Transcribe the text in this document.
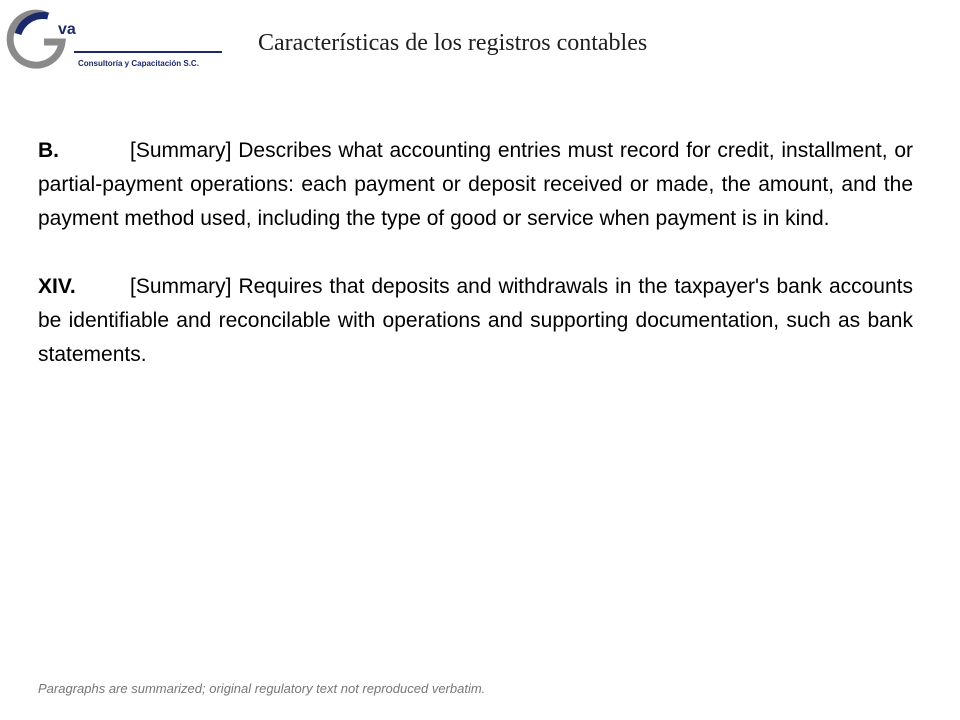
va
Consultoría y Capacitación S.C.
Características de los registros contables

B.	[Summary] Describes what accounting entries must record for credit, installment, or partial-payment operations: each payment or deposit received or made, the amount, and the payment method used, including the type of good or service when payment is in kind.

XIV.	[Summary] Requires that deposits and withdrawals in the taxpayer's bank accounts be identifiable and reconcilable with operations and supporting documentation, such as bank statements.

Paragraphs are summarized; original regulatory text not reproduced verbatim.
